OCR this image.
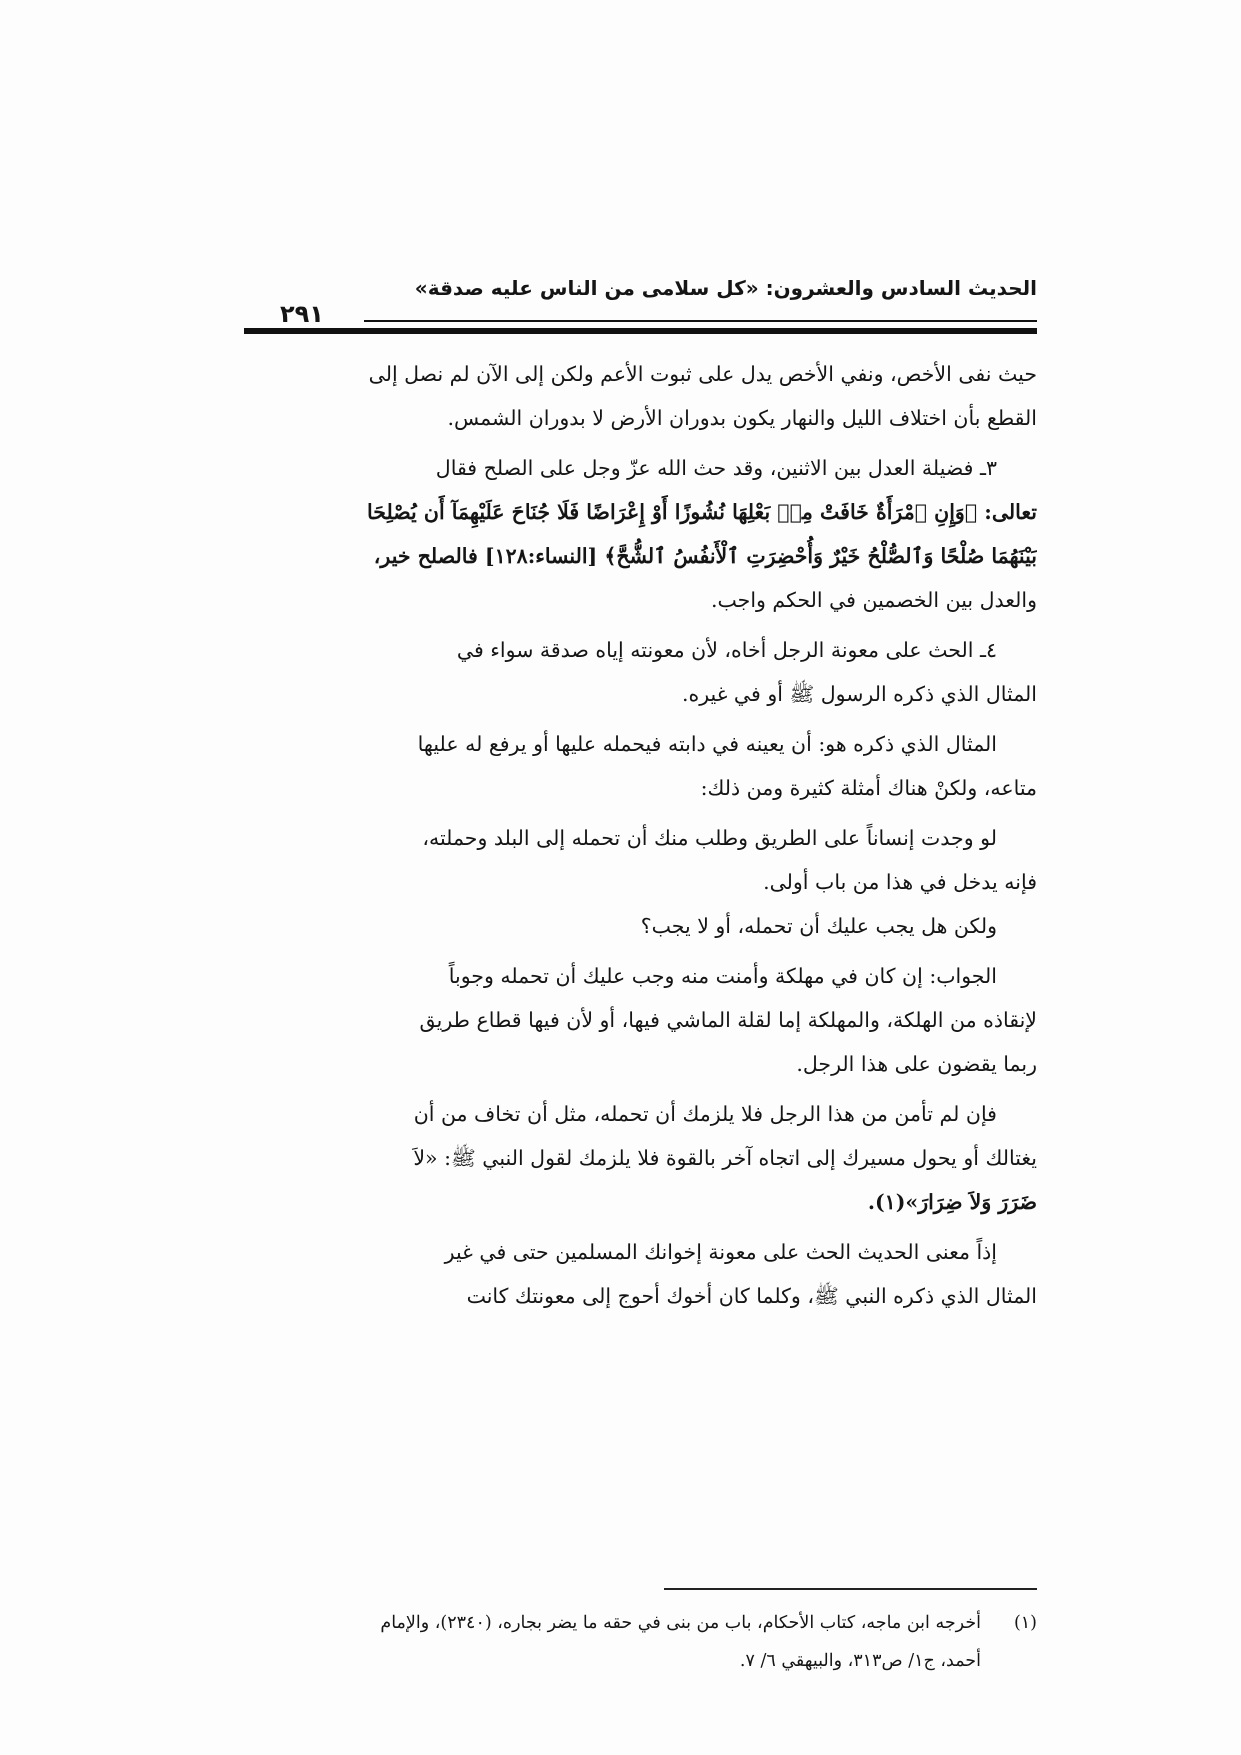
الحديث السادس والعشرون: «كل سلامى من الناس عليه صدقة»
٢٩١
حيث نفى الأخص، ونفي الأخص يدل على ثبوت الأعم ولكن إلى الآن لم نصل إلى
القطع بأن اختلاف الليل والنهار يكون بدوران الأرض لا بدوران الشمس.
٣ـ فضيلة العدل بين الاثنين، وقد حث الله عزّ وجل على الصلح فقال
تعالى: ﴿وَإِنِ ٱمْرَأَةٌ خَافَتْ مِنۢ بَعْلِهَا نُشُوزًا أَوْ إِعْرَاضًا فَلَا جُنَاحَ عَلَيْهِمَآ أَن يُصْلِحَا
بَيْنَهُمَا صُلْحًا وَٱلصُّلْحُ خَيْرٌ وَأُحْضِرَتِ ٱلْأَنفُسُ ٱلشُّحَّ﴾ [النساء:١٢٨] فالصلح خير،
والعدل بين الخصمين في الحكم واجب.
٤ـ الحث على معونة الرجل أخاه، لأن معونته إياه صدقة سواء في
المثال الذي ذكره الرسول ﷺ أو في غيره.
المثال الذي ذكره هو: أن يعينه في دابته فيحمله عليها أو يرفع له عليها
متاعه، ولكنْ هناك أمثلة كثيرة ومن ذلك:
لو وجدت إنساناً على الطريق وطلب منك أن تحمله إلى البلد وحملته،
فإنه يدخل في هذا من باب أولى.
ولكن هل يجب عليك أن تحمله، أو لا يجب؟
الجواب: إن كان في مهلكة وأمنت منه وجب عليك أن تحمله وجوباً
لإنقاذه من الهلكة، والمهلكة إما لقلة الماشي فيها، أو لأن فيها قطاع طريق
ربما يقضون على هذا الرجل.
فإن لم تأمن من هذا الرجل فلا يلزمك أن تحمله، مثل أن تخاف من أن
يغتالك أو يحول مسيرك إلى اتجاه آخر بالقوة فلا يلزمك لقول النبي ﷺ: «لاَ
ضَرَرَ وَلاَ ضِرَارَ»(١).
إذاً معنى الحديث الحث على معونة إخوانك المسلمين حتى في غير
المثال الذي ذكره النبي ﷺ، وكلما كان أخوك أحوج إلى معونتك كانت
(١)أخرجه ابن ماجه، كتاب الأحكام، باب من بنى في حقه ما يضر بجاره، (٢٣٤٠)، والإمام
أحمد، ج١/ ص٣١٣، والبيهقي ٦/ ٧.
